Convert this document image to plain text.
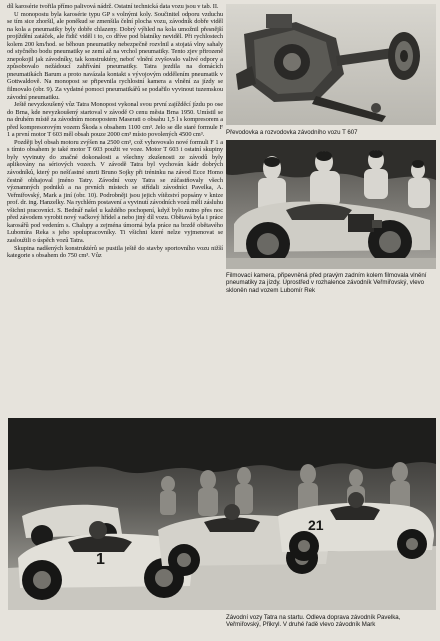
díl karosérie tvořila přímo palivová nádrž. Ostatní technická data vozu jsou v tab. II.

U monopostu byla karosérie typu GP s volnými koly. Součinitel odporu vzduchu se tím sice zhoršil, ale poněkud se zmenšila čelní plocha vozu, závodník dobře viděl na kola a pneumatiky byly dobře chlazeny. Dobrý výhled na kola umožnil přesnější projíždění zatáček, ale řidič viděl i to, co dříve pod blatníky neviděl. Při rychlostech kolem 200 km/hod. se běhoun pneumatiky nebezpečně rozvlnil a stojatá vlny sahaly od styčného bodu pneumatiky se zemí až na vrchol pneumatiky. Tento zjev přirozeně znepokojil jak závodníky, tak konstruktéry, neboť vlnění zvyšovalo valivé odpory a způsobovalo nežádoucí zahřívání pneumatiky. Tatra jezdila na domácích pneumatikách Barum a proto navázala kontakt s vývojovým oddělením pneumatik v Gottwaldově. Na monopost se připevnila rychlostní kamera a vlnění za jízdy se filmovalo (obr. 9). Za vydatné pomoci pneumatikářů se podařilo vyvinout tuzemskou závodní pneumatiku.

Ještě nevyzkoušený vůz Tatra Monopost vykonal svou první zajížděcí jízdu po ose do Brna, kde nevyzkoušený startoval v závodě O cenu města Brna 1950. Umístil se na druhém místě za závodním monopostem Maserati o obsahu 1,5 l s kompresorem a před kompresorovým vozem Škoda s obsahem 1100 cm³. Jelo se dle staré formule F 1 a první motor T 603 měl obsah pouze 2000 cm³ místo povolených 4500 cm³.

Později byl obsah motoru zvýšen na 2500 cm³, což vyhovovalo nové formuli F 1 a s tímto obsahem je také motor T 603 použit ve voze. Motor T 603 i ostatní skupiny byly vyvinuty do značné dokonalosti a všechny zkušenosti ze závodů byly aplikovány na sériových vozech. V závodě Tatra byl vychován kádr dobrých závodníků, který po nešťastné smrti Bruno Sojky při tréninku na závod Ecce Homo čestně obhajoval jméno Tatry. Závodní vozy Tatra se zúčastňovaly všech významných podniků a na prvních místech se střídali závodníci Pavelka, A. Veřmiřovský, Mark a jiní (obr. 10). Podrobněji jsou jejich vítězství popsány v knize prof. dr. ing. Hanzelky. Na rychlém postavení a vyvinutí závodních vozů měli zásluhu všichni pracovníci. S. Bednář našel u každého pochopení, když bylo nutno přes noc před závodem vyrobit nový vačkový hřídel a nebo jiný díl vozu. Obětavá byla i práce karosářů pod vedením s. Chalupy a zejména úmorná byla práce na brzdě obětavého Lubomíra Reka s jeho spolupracovníky. Ti všichni které nelze vyjmenovat se zasloužili o úspěch vozů Tatra.

Skupina nadšených konstruktérů se pustila ještě do stavby sportovního vozu nižší kategorie s obsahem do 750 cm³. Vůz

Převodovka a rozvodovka závodního vozu T 607
Filmovací kamera, připevněná před pravým zadním kolem filmovala vlnění pneumatiky za jízdy. Uprostřed v rozhalence závodník Veřmiřovský, vlevo skloněn nad vozem Lubomír Rek
1
21
Závodní vozy Tatra na startu. Odleva doprava závodník Pavelka, Veřmiřovský, Přikryl. V druhé řadě vlevo závodník Mark
